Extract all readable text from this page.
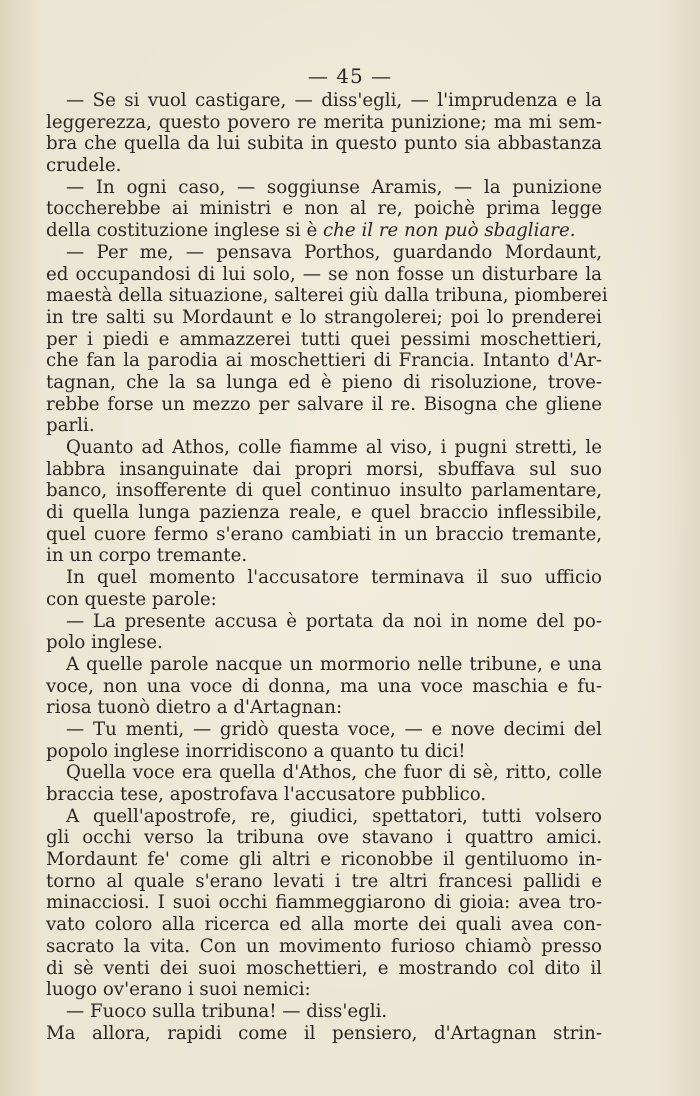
— 45 —
— Se si vuol castigare, — diss'egli, — l'imprudenza e la
leggerezza, questo povero re merita punizione; ma mi sem-
bra che quella da lui subita in questo punto sia abbastanza
crudele.
— In ogni caso, — soggiunse Aramis, — la punizione
toccherebbe ai ministri e non al re, poichè prima legge
della costituzione inglese si è che il re non può sbagliare.
— Per me, — pensava Porthos, guardando Mordaunt,
ed occupandosi di lui solo, — se non fosse un disturbare la
maestà della situazione, salterei giù dalla tribuna, piomberei
in tre salti su Mordaunt e lo strangolerei; poi lo prenderei
per i piedi e ammazzerei tutti quei pessimi moschettieri,
che fan la parodia ai moschettieri di Francia. Intanto d'Ar-
tagnan, che la sa lunga ed è pieno di risoluzione, trove-
rebbe forse un mezzo per salvare il re. Bisogna che gliene
parli.
Quanto ad Athos, colle fiamme al viso, i pugni stretti, le
labbra insanguinate dai propri morsi, sbuffava sul suo
banco, insofferente di quel continuo insulto parlamentare,
di quella lunga pazienza reale, e quel braccio inflessibile,
quel cuore fermo s'erano cambiati in un braccio tremante,
in un corpo tremante.
In quel momento l'accusatore terminava il suo ufficio
con queste parole:
— La presente accusa è portata da noi in nome del po-
polo inglese.
A quelle parole nacque un mormorio nelle tribune, e una
voce, non una voce di donna, ma una voce maschia e fu-
riosa tuonò dietro a d'Artagnan:
— Tu menti, — gridò questa voce, — e nove decimi del
popolo inglese inorridiscono a quanto tu dici!
Quella voce era quella d'Athos, che fuor di sè, ritto, colle
braccia tese, apostrofava l'accusatore pubblico.
A quell'apostrofe, re, giudici, spettatori, tutti volsero
gli occhi verso la tribuna ove stavano i quattro amici.
Mordaunt fe' come gli altri e riconobbe il gentiluomo in-
torno al quale s'erano levati i tre altri francesi pallidi e
minacciosi. I suoi occhi fiammeggiarono di gioia: avea tro-
vato coloro alla ricerca ed alla morte dei quali avea con-
sacrato la vita. Con un movimento furioso chiamò presso
di sè venti dei suoi moschettieri, e mostrando col dito il
luogo ov'erano i suoi nemici:
— Fuoco sulla tribuna! — diss'egli.
Ma allora, rapidi come il pensiero, d'Artagnan strin-
